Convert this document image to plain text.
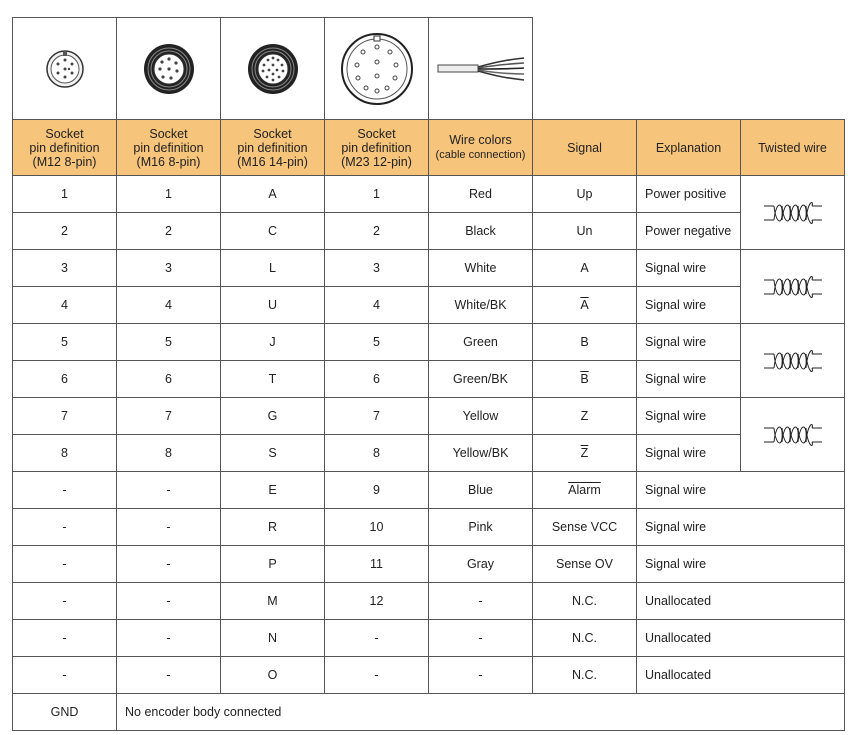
Socket
pin definition
(M12 8-pin)	Socket
pin definition
(M16 8-pin)	Socket
pin definition
(M16 14-pin)	Socket
pin definition
(M23 12-pin)	Wire colors
(cable connection)	Signal	Explanation	Twisted wire
1	1	A	1	Red	Up	Power positive	

2	2	C	2	Black	Un	Power negative	
3	3	L	3	White	A	Signal wire	

4	4	U	4	White/BK	$\overline{A}$	Signal wire	
5	5	J	5	Green	B	Signal wire	

6	6	T	6	Green/BK	$\overline{B}$	Signal wire	
7	7	G	7	Yellow	Z	Signal wire	

8	8	S	8	Yellow/BK	$\overline{Z}$	Signal wire	
-	-	E	9	Blue	Alarm	Signal wire	
-	-	R	10	Pink	Sense VCC	Signal wire	
-	-	P	11	Gray	Sense OV	Signal wire	
-	-	M	12	-	N.C.	Unallocated	
-	-	N	-	-	N.C.	Unallocated	
-	-	O	-	-	N.C.	Unallocated	
GND	No encoder body connected						
